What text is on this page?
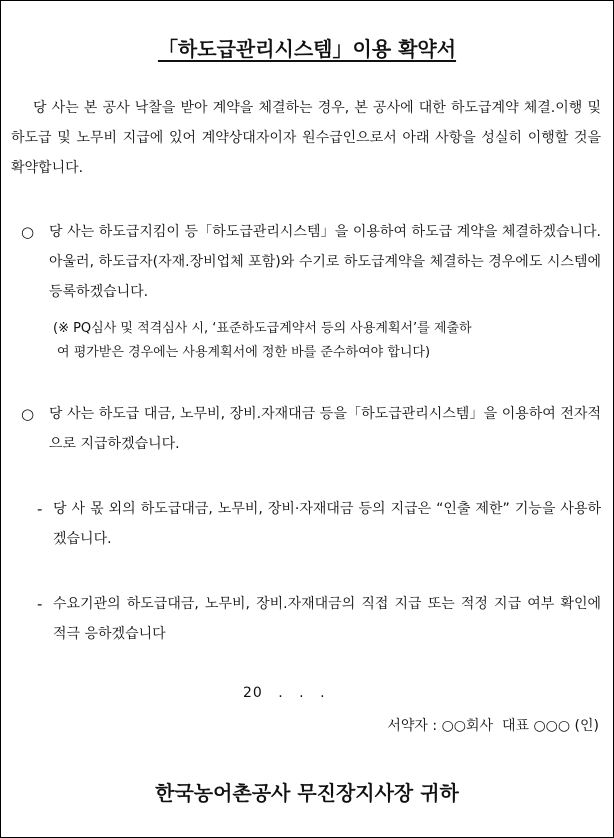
「하도급관리시스템」이용 확약서
당 사는 본 공사 낙찰을 받아 계약을 체결하는 경우, 본 공사에 대한 하도급계약 체결.이행 및 하도급 및 노무비 지급에 있어 계약상대자이자 원수급인으로서 아래 사항을 성실히 이행할 것을 확약합니다.
○ 당 사는 하도급지킴이 등「하도급관리시스템」을 이용하여 하도급 계약을 체결하겠습니다. 아울러, 하도급자(자재.장비업체 포함)와 수기로 하도급계약을 체결하는 경우에도 시스템에 등록하겠습니다.
(※ PQ심사 및 적격심사 시, ‘표준하도급계약서 등의 사용계획서’를 제출하
여 평가받은 경우에는 사용계획서에 정한 바를 준수하여야 합니다)
○ 당 사는 하도급 대금, 노무비, 장비.자재대금 등을「하도급관리시스템」을 이용하여 전자적으로 지급하겠습니다.
- 당 사 몫 외의 하도급대금, 노무비, 장비·자재대금 등의 지급은 “인출 제한” 기능을 사용하겠습니다.
- 수요기관의 하도급대금, 노무비, 장비.자재대금의 직접 지급 또는 적정 지급 여부 확인에 적극 응하겠습니다
20 . . .
서약자 : ○○회사  대표 ○○○ (인)
한국농어촌공사 무진장지사장 귀하
